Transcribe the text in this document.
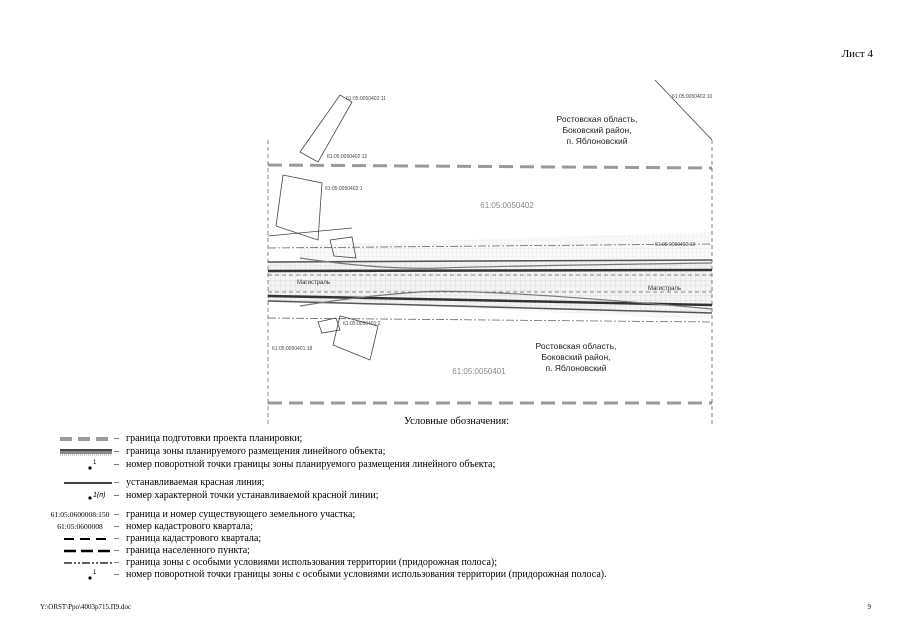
Лист 4
61:05:0050402:10
61:05:0050402:12
61:05:0050402:1
61:05:0050401:2
61:05:0050401:18
61:05:0050402:11
61:05:0050402:13
Ростовская область,
Боковский район,
п. Яблоновский
Ростовская область,
Боковский район,
п. Яблоновский
61:05:0050402
61:05:0050401
Магистраль
Магистраль
Условные обозначения:
– граница подготовки проекта планировки;
– граница зоны планируемого размещения линейного объекта;
1 – номер поворотной точки границы зоны планируемого размещения линейного объекта;
– устанавливаемая красная линия;
1(п) – номер характерной точки устанавливаемой красной линии;
61:05:0600008:150 – граница и номер существующего земельного участка;
61:05:0600008	– номер кадастрового квартала;
– граница кадастрового квартала;
– граница населенного пункта;
– граница зоны с особыми условиями использования территории (придорожная полоса);
1 – номер поворотной точки границы зоны с особыми условиями использования территории (придорожная полоса).
Y:\ORST\Ppo\4003р715.П9.doc	9
